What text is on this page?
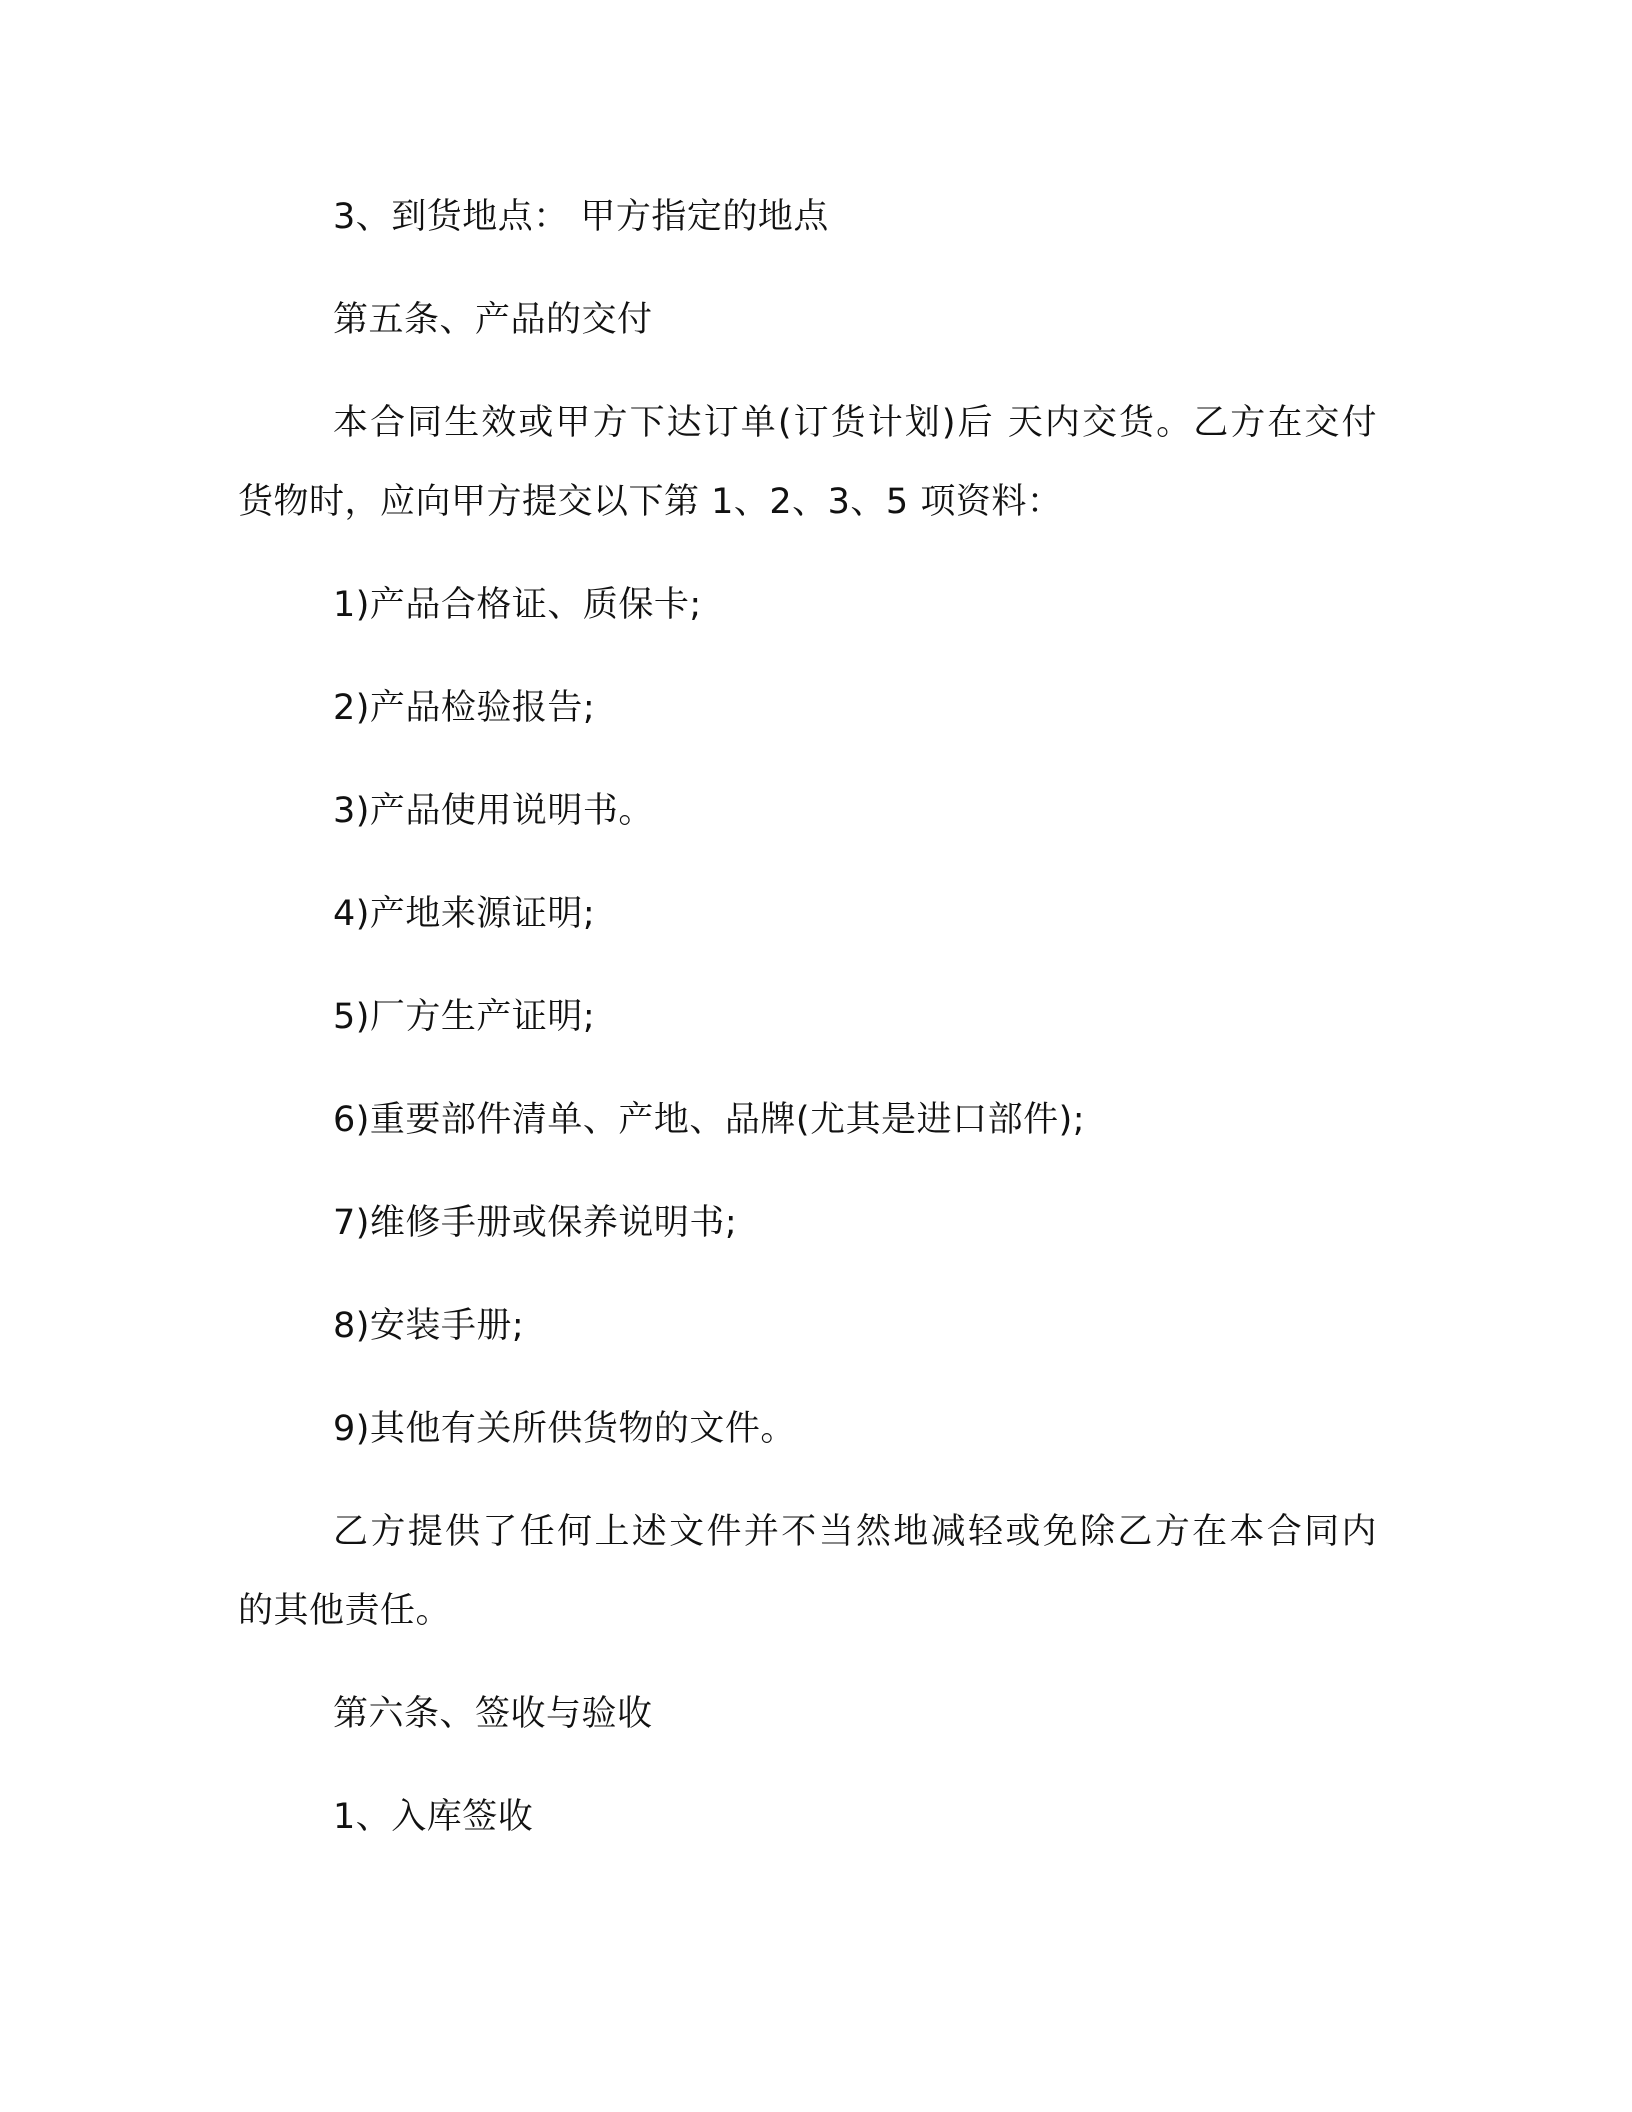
3、到货地点： 甲方指定的地点

第五条、产品的交付

本合同生效或甲方下达订单(订货计划)后 天内交货。乙方在交付

货物时，应向甲方提交以下第 1、2、3、5 项资料：

1)产品合格证、质保卡;

2)产品检验报告;

3)产品使用说明书。

4)产地来源证明;

5)厂方生产证明;

6)重要部件清单、产地、品牌(尤其是进口部件);

7)维修手册或保养说明书;

8)安装手册;

9)其他有关所供货物的文件。

乙方提供了任何上述文件并不当然地减轻或免除乙方在本合同内

的其他责任。

第六条、签收与验收

1、入库签收
